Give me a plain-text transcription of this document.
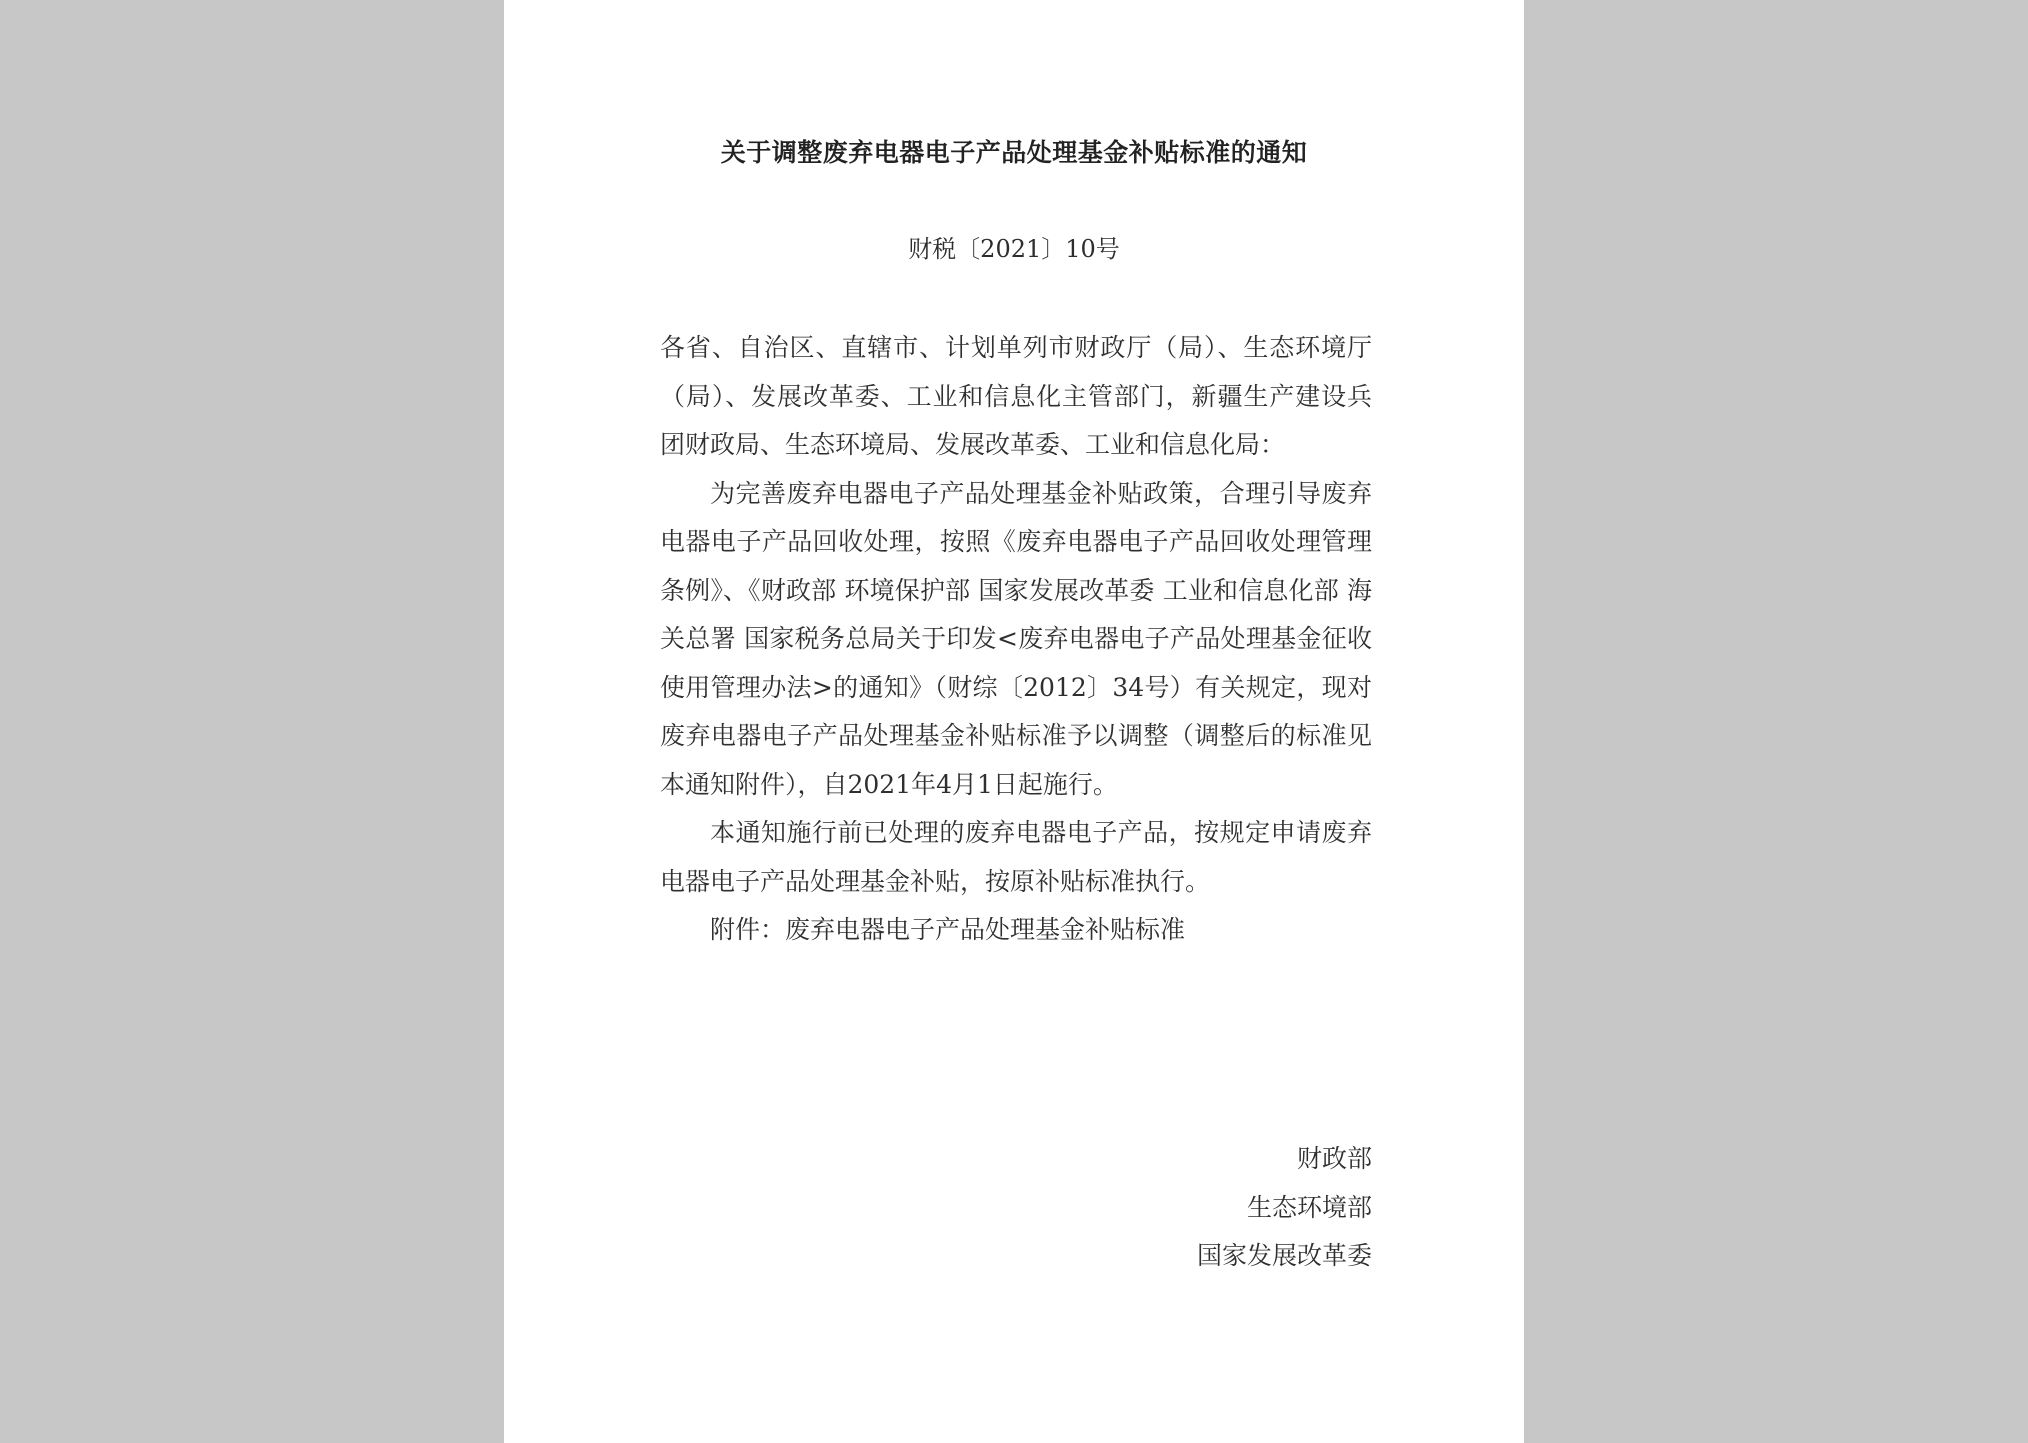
关于调整废弃电器电子产品处理基金补贴标准的通知
财税〔2021〕10号

各省、自治区、直辖市、计划单列市财政厅（局）、生态环境厅（局）、发展改革委、工业和信息化主管部门，新疆生产建设兵团财政局、生态环境局、发展改革委、工业和信息化局：

为完善废弃电器电子产品处理基金补贴政策，合理引导废弃电器电子产品回收处理，按照《废弃电器电子产品回收处理管理条例》、《财政部 环境保护部 国家发展改革委 工业和信息化部 海关总署 国家税务总局关于印发<废弃电器电子产品处理基金征收使用管理办法>的通知》（财综〔2012〕34号）有关规定，现对废弃电器电子产品处理基金补贴标准予以调整（调整后的标准见本通知附件），自2021年4月1日起施行。

本通知施行前已处理的废弃电器电子产品，按规定申请废弃电器电子产品处理基金补贴，按原补贴标准执行。

附件：废弃电器电子产品处理基金补贴标准

财政部
生态环境部
国家发展改革委
